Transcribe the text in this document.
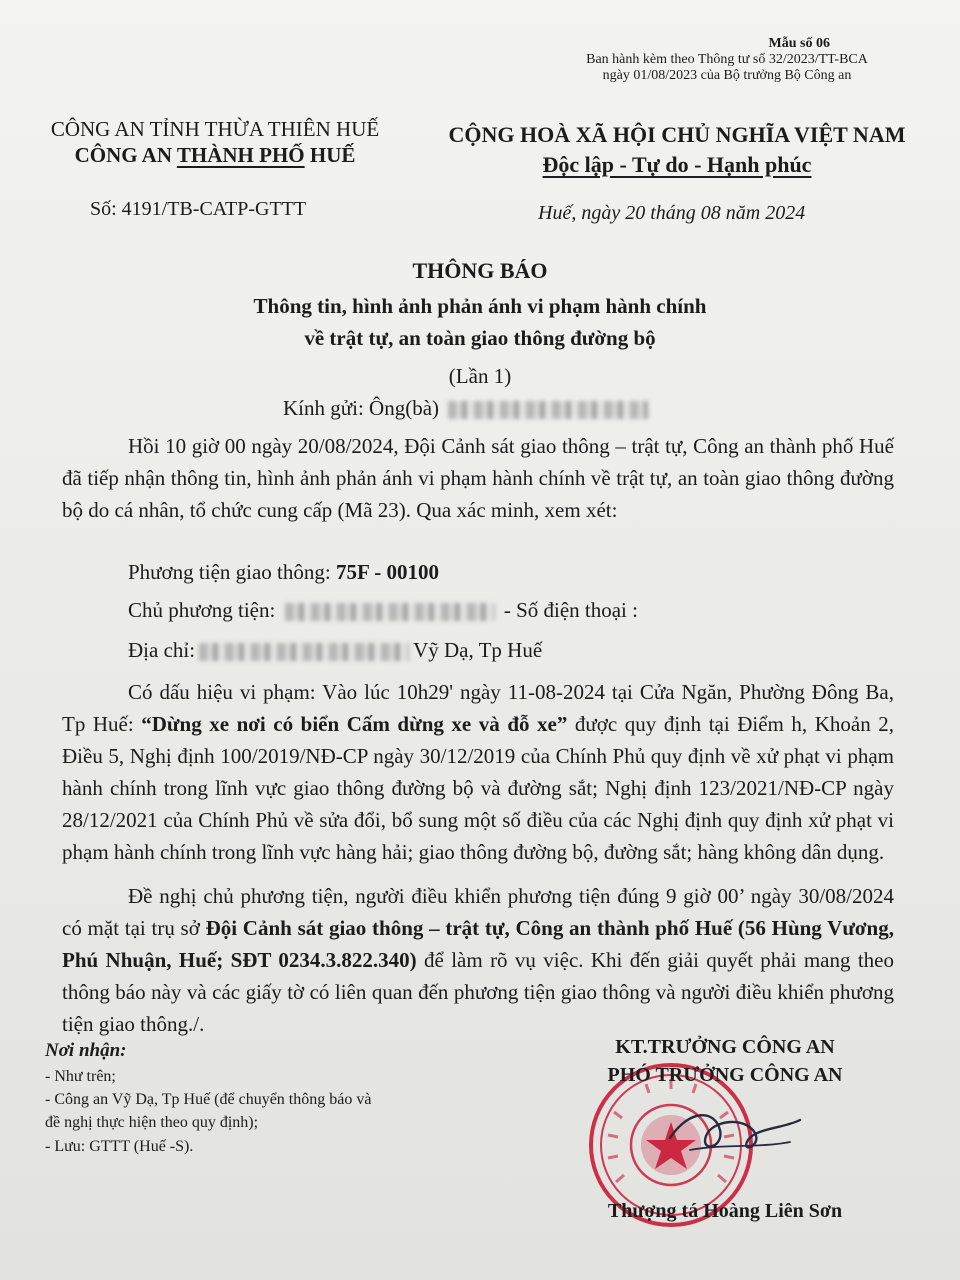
Mẫu số 06
Ban hành kèm theo Thông tư số 32/2023/TT-BCA
ngày 01/08/2023 của Bộ trưởng Bộ Công an
CÔNG AN TỈNH THỪA THIÊN HUẾ
CÔNG AN THÀNH PHỐ HUẾ
CỘNG HOÀ XÃ HỘI CHỦ NGHĨA VIỆT NAM
Độc lập - Tự do - Hạnh phúc
Số: 4191/TB-CATP-GTTT	Huế, ngày 20 tháng 08 năm 2024
THÔNG BÁO
Thông tin, hình ảnh phản ánh vi phạm hành chính
về trật tự, an toàn giao thông đường bộ
(Lần 1)
Kính gửi: Ông(bà)
Hồi 10 giờ 00 ngày 20/08/2024, Đội Cảnh sát giao thông – trật tự, Công an thành phố Huế đã tiếp nhận thông tin, hình ảnh phản ánh vi phạm hành chính về trật tự, an toàn giao thông đường bộ do cá nhân, tổ chức cung cấp (Mã 23). Qua xác minh, xem xét:
Phương tiện giao thông: 75F - 00100
Chủ phương tiện:	- Số điện thoại :
Địa chỉ:	Vỹ Dạ, Tp Huế
Có dấu hiệu vi phạm: Vào lúc 10h29' ngày 11-08-2024 tại Cửa Ngăn, Phường Đông Ba, Tp Huế: “Dừng xe nơi có biển Cấm dừng xe và đỗ xe” được quy định tại Điểm h, Khoản 2, Điều 5, Nghị định 100/2019/NĐ-CP ngày 30/12/2019 của Chính Phủ quy định về xử phạt vi phạm hành chính trong lĩnh vực giao thông đường bộ và đường sắt; Nghị định 123/2021/NĐ-CP ngày 28/12/2021 của Chính Phủ về sửa đổi, bổ sung một số điều của các Nghị định quy định xử phạt vi phạm hành chính trong lĩnh vực hàng hải; giao thông đường bộ, đường sắt; hàng không dân dụng.
Đề nghị chủ phương tiện, người điều khiển phương tiện đúng 9 giờ 00’ ngày 30/08/2024 có mặt tại trụ sở Đội Cảnh sát giao thông – trật tự, Công an thành phố Huế (56 Hùng Vương, Phú Nhuận, Huế; SĐT 0234.3.822.340) để làm rõ vụ việc. Khi đến giải quyết phải mang theo thông báo này và các giấy tờ có liên quan đến phương tiện giao thông và người điều khiển phương tiện giao thông./.
Nơi nhận:
- Như trên;
- Công an Vỹ Dạ, Tp Huế (để chuyển thông báo và
đề nghị thực hiện theo quy định);
- Lưu: GTTT (Huế -S).
KT.TRƯỞNG CÔNG AN
PHÓ TRƯỞNG CÔNG AN
Thượng tá Hoàng Liên Sơn
